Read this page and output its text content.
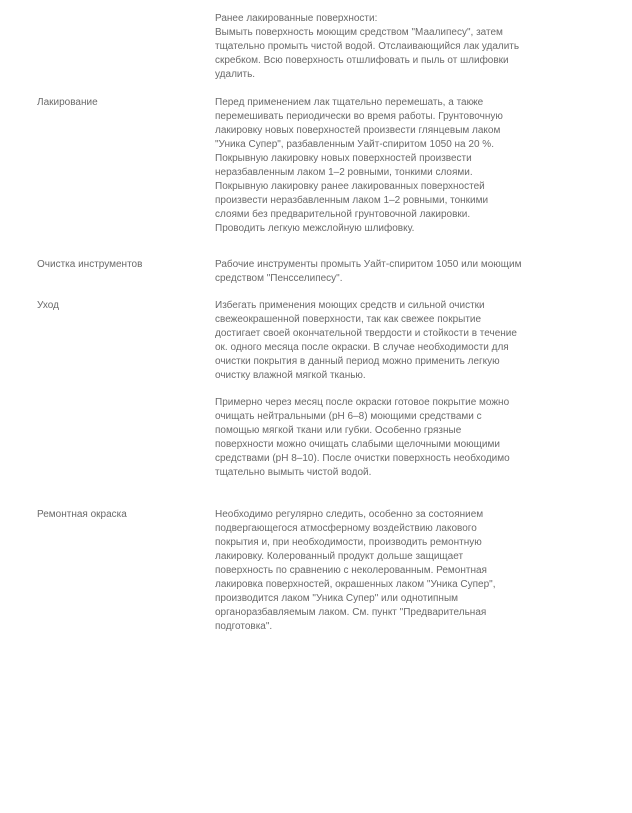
Ранее лакированные поверхности:
Вымыть поверхность моющим средством "Маалипесу", затем
тщательно промыть чистой водой. Отслаивающийся лак удалить
скребком. Всю поверхность отшлифовать и пыль от шлифовки
удалить.
Лакирование	Перед применением лак тщательно перемешать, а также
перемешивать периодически во время работы. Грунтовочную
лакировку новых поверхностей произвести глянцевым лаком
"Уника Супер", разбавленным Уайт-спиритом 1050 на 20 %.
Покрывную лакировку новых поверхностей произвести
неразбавленным лаком 1–2 ровными, тонкими слоями.
Покрывную лакировку ранее лакированных поверхностей
произвести неразбавленным лаком 1–2 ровными, тонкими
слоями без предварительной грунтовочной лакировки.
Проводить легкую межслойную шлифовку.
Очистка инструментов	Рабочие инструменты промыть Уайт-спиритом 1050 или моющим
средством "Пенсселипесу".
Уход	Избегать применения моющих средств и сильной очистки
свежеокрашенной поверхности, так как свежее покрытие
достигает своей окончательной твердости и стойкости в течение
ок. одного месяца после окраски. В случае необходимости для
очистки покрытия в данный период можно применить легкую
очистку влажной мягкой тканью.
Примерно через месяц после окраски готовое покрытие можно
очищать нейтральными (pH 6–8) моющими средствами с
помощью мягкой ткани или губки. Особенно грязные
поверхности можно очищать слабыми щелочными моющими
средствами (pH 8–10). После очистки поверхность необходимо
тщательно вымыть чистой водой.
Ремонтная окраска	Необходимо регулярно следить, особенно за состоянием
подвергающегося атмосферному воздействию лакового
покрытия и, при необходимости, производить ремонтную
лакировку. Колерованный продукт дольше защищает
поверхность по сравнению с неколерованным. Ремонтная
лакировка поверхностей, окрашенных лаком "Уника Супер",
производится лаком "Уника Супер" или однотипным
органоразбавляемым лаком. См. пункт "Предварительная
подготовка".
